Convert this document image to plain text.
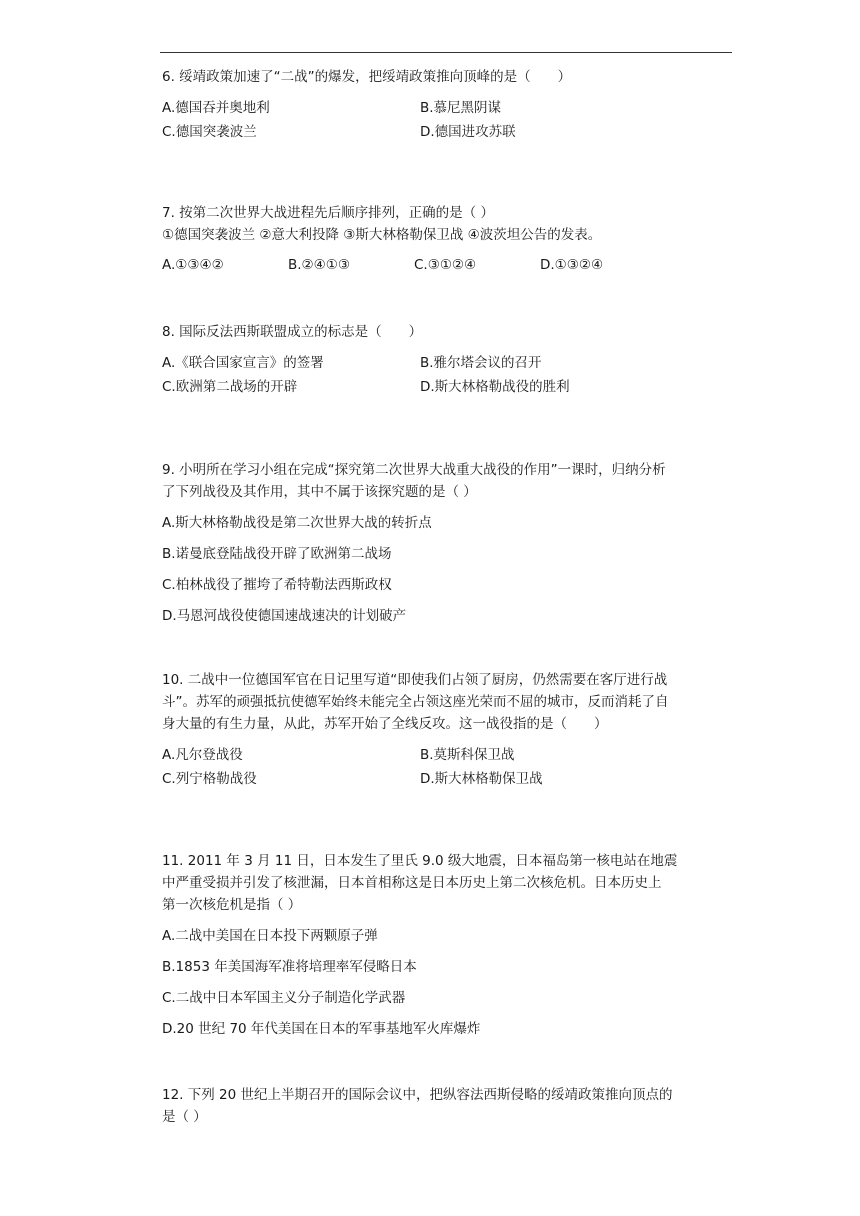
6. 绥靖政策加速了“二战”的爆发，把绥靖政策推向顶峰的是（　　）

A.德国吞并奥地利	B.慕尼黑阴谋
C.德国突袭波兰	D.德国进攻苏联

7. 按第二次世界大战进程先后顺序排列，正确的是（ ）

①德国突袭波兰 ②意大利投降 ③斯大林格勒保卫战 ④波茨坦公告的发表。
A.①③④②	B.②④①③	C.③①②④	D.①③②④

8. 国际反法西斯联盟成立的标志是（　　）

A.《联合国家宣言》的签署	B.雅尔塔会议的召开
C.欧洲第二战场的开辟	D.斯大林格勒战役的胜利

9. 小明所在学习小组在完成“探究第二次世界大战重大战役的作用”一课时，归纳分析

了下列战役及其作用，其中不属于该探究题的是（ ）

A.斯大林格勒战役是第二次世界大战的转折点

B.诺曼底登陆战役开辟了欧洲第二战场

C.柏林战役了摧垮了希特勒法西斯政权

D.马恩河战役使德国速战速决的计划破产

10. 二战中一位德国军官在日记里写道“即使我们占领了厨房，仍然需要在客厅进行战

斗”。苏军的顽强抵抗使德军始终未能完全占领这座光荣而不屈的城市，反而消耗了自

身大量的有生力量，从此，苏军开始了全线反攻。这一战役指的是（　　）

A.凡尔登战役	B.莫斯科保卫战
C.列宁格勒战役	D.斯大林格勒保卫战

11. 2011 年 3 月 11 日，日本发生了里氏 9.0 级大地震，日本福岛第一核电站在地震

中严重受损并引发了核泄漏，日本首相称这是日本历史上第二次核危机。日本历史上

第一次核危机是指（ ）

A.二战中美国在日本投下两颗原子弹

B.1853 年美国海军准将培理率军侵略日本

C.二战中日本军国主义分子制造化学武器

D.20 世纪 70 年代美国在日本的军事基地军火库爆炸

12. 下列 20 世纪上半期召开的国际会议中，把纵容法西斯侵略的绥靖政策推向顶点的

是（ ）
